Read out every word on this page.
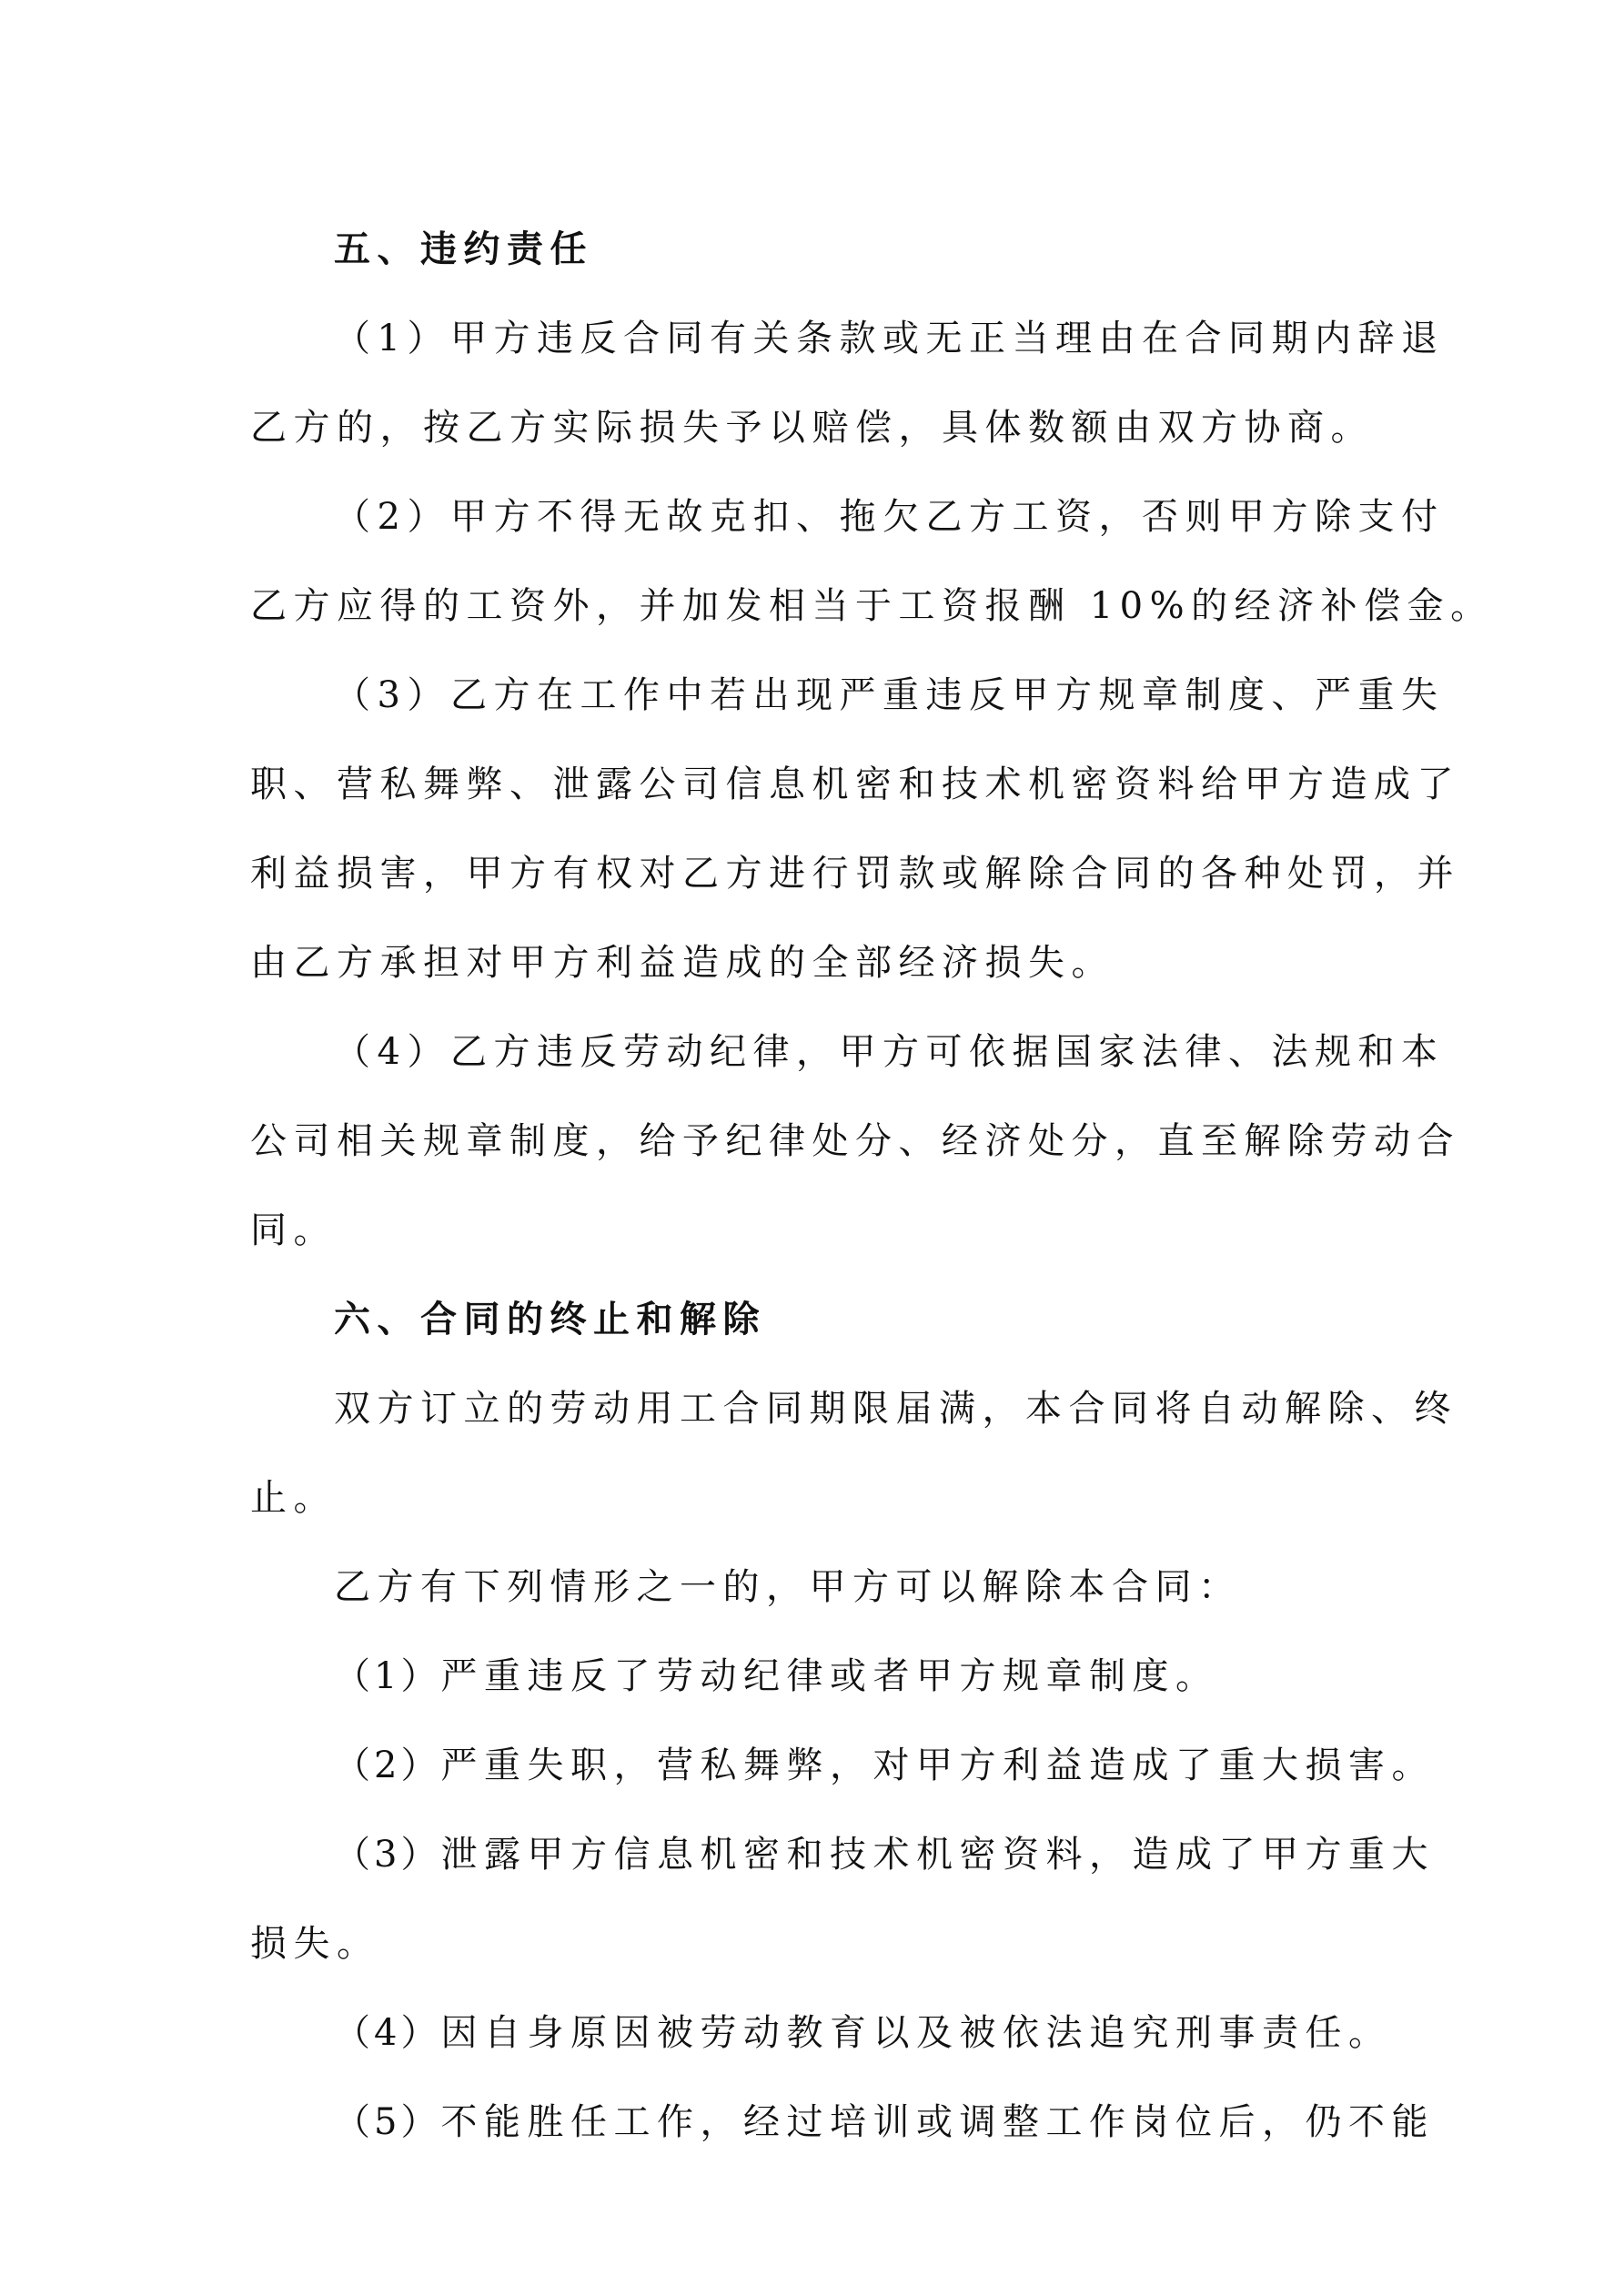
五、违约责任

（1）甲方违反合同有关条款或无正当理由在合同期内辞退

乙方的，按乙方实际损失予以赔偿，具体数额由双方协商。

（2）甲方不得无故克扣、拖欠乙方工资，否则甲方除支付

乙方应得的工资外，并加发相当于工资报酬 10%的经济补偿金。

（3）乙方在工作中若出现严重违反甲方规章制度、严重失

职、营私舞弊、泄露公司信息机密和技术机密资料给甲方造成了

利益损害，甲方有权对乙方进行罚款或解除合同的各种处罚，并

由乙方承担对甲方利益造成的全部经济损失。

（4）乙方违反劳动纪律，甲方可依据国家法律、法规和本

公司相关规章制度，给予纪律处分、经济处分，直至解除劳动合

同。

六、合同的终止和解除

双方订立的劳动用工合同期限届满，本合同将自动解除、终

止。

乙方有下列情形之一的，甲方可以解除本合同：

（1）严重违反了劳动纪律或者甲方规章制度。

（2）严重失职，营私舞弊，对甲方利益造成了重大损害。

（3）泄露甲方信息机密和技术机密资料，造成了甲方重大

损失。

（4）因自身原因被劳动教育以及被依法追究刑事责任。

（5）不能胜任工作，经过培训或调整工作岗位后，仍不能
